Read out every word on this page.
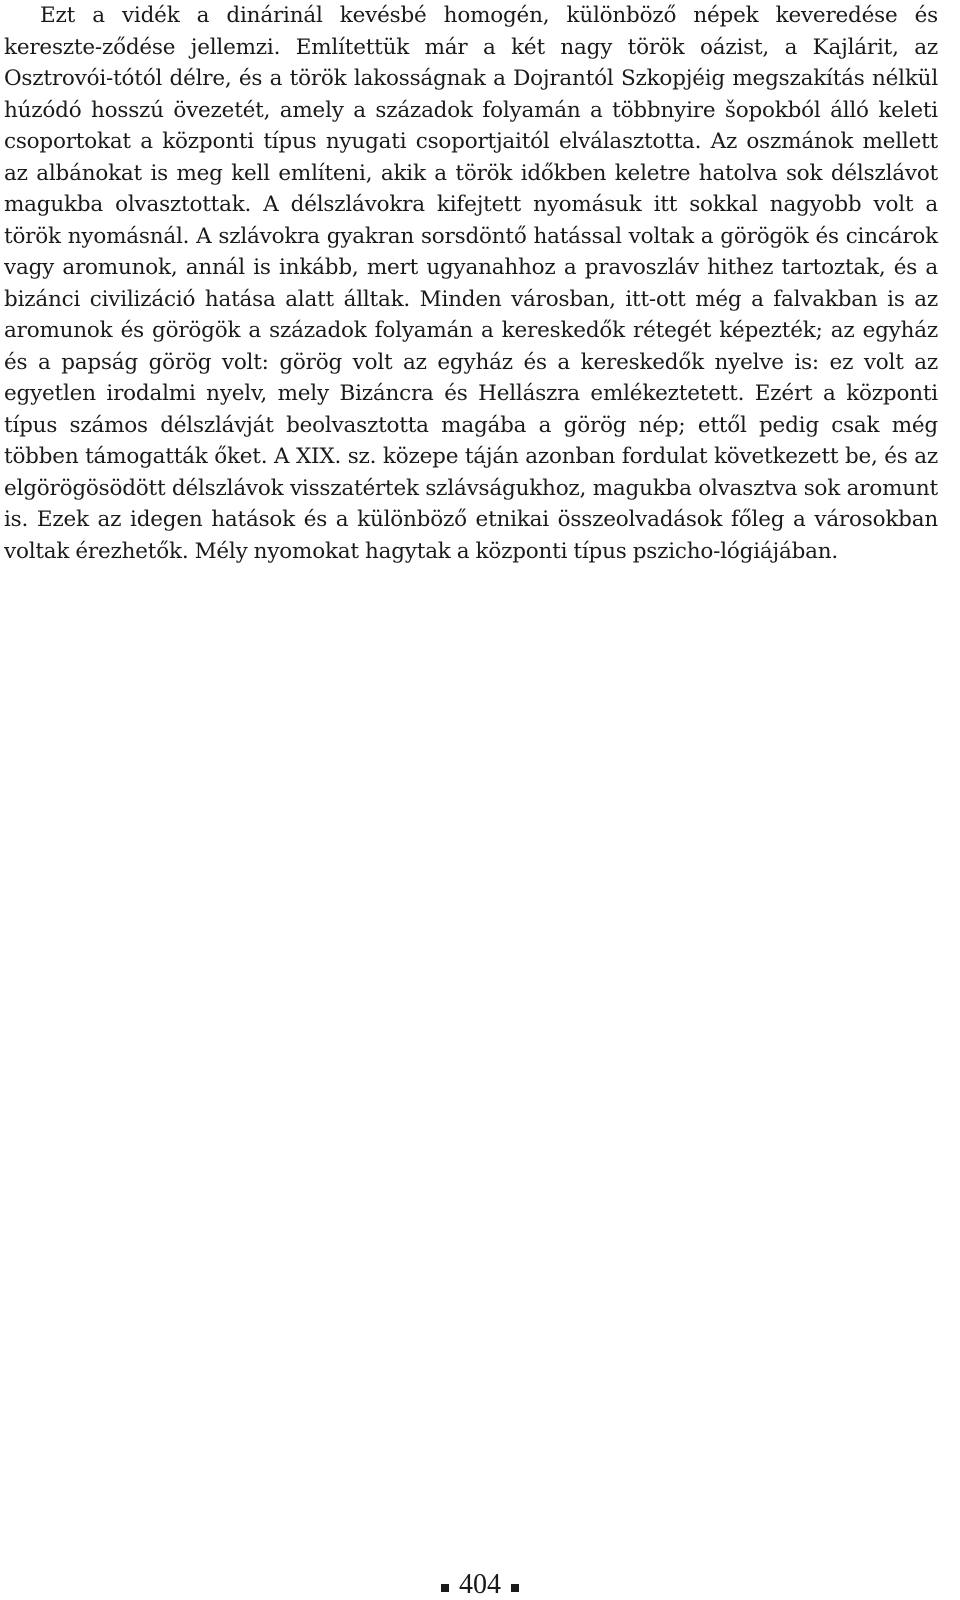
Ezt a vidék a dinárinál kevésbé homogén, különböző népek keveredése és kereszte-ződése jellemzi. Említettük már a két nagy török oázist, a Kajlárit, az Osztrovói-tótól délre, és a török lakosságnak a Dojrantól Szkopjéig megszakítás nélkül húzódó hosszú övezetét, amely a századok folyamán a többnyire šopokból álló keleti csoportokat a központi típus nyugati csoportjaitól elválasztotta. Az oszmánok mellett az albánokat is meg kell említeni, akik a török időkben keletre hatolva sok délszlávot magukba olvasztottak. A délszlávokra kifejtett nyomásuk itt sokkal nagyobb volt a török nyomásnál. A szlávokra gyakran sorsdöntő hatással voltak a görögök és cincárok vagy aromunok, annál is inkább, mert ugyanahhoz a pravoszláv hithez tartoztak, és a bizánci civilizáció hatása alatt álltak. Minden városban, itt-ott még a falvakban is az aromunok és görögök a századok folyamán a kereskedők rétegét képezték; az egyház és a papság görög volt: görög volt az egyház és a kereskedők nyelve is: ez volt az egyetlen irodalmi nyelv, mely Bizáncra és Hellászra emlékeztetett. Ezért a központi típus számos délszlávját beolvasztotta magába a görög nép; ettől pedig csak még többen támogatták őket. A XIX. sz. közepe táján azonban fordulat következett be, és az elgörögösödött délszlávok visszatértek szlávságukhoz, magukba olvasztva sok aromunt is. Ezek az idegen hatások és a különböző etnikai összeolvadások főleg a városokban voltak érezhetők. Mély nyomokat hagytak a központi típus pszicho-lógiájában.

404
